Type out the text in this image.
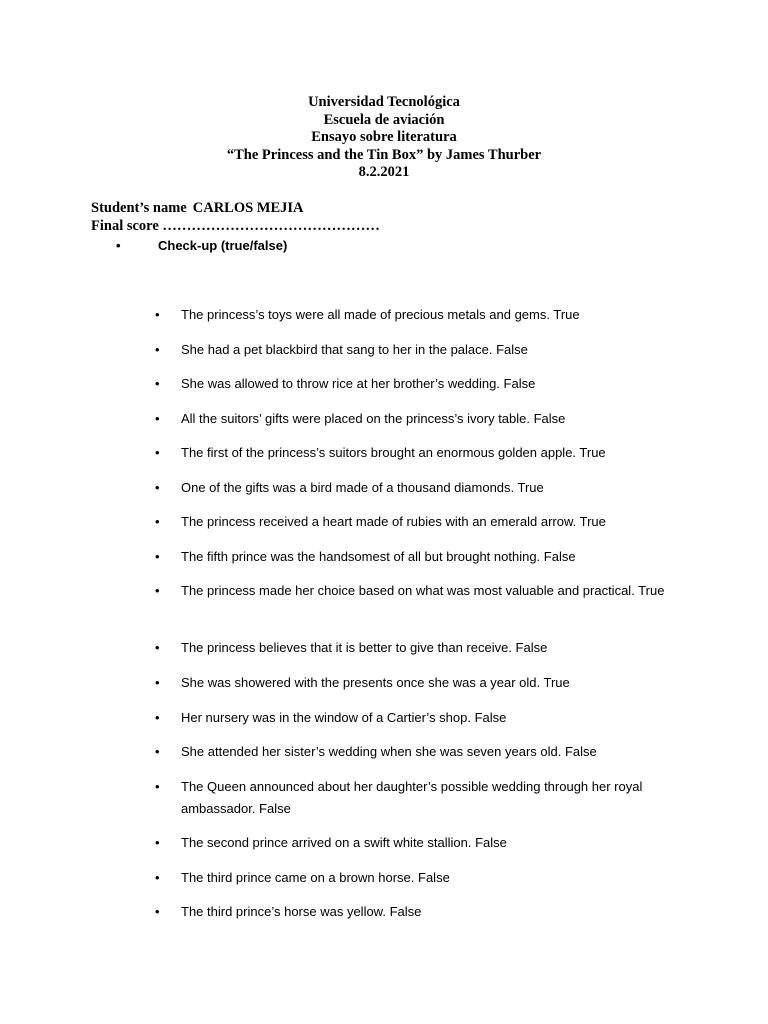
Universidad Tecnológica
Escuela de aviación
Ensayo sobre literatura
“The Princess and the Tin Box” by James Thurber
8.2.2021
Student’s name CARLOS MEJIA
Final score ………………………………………
•	Check-up (true/false)
• The princess’s toys were all made of precious metals and gems. True
• She had a pet blackbird that sang to her in the palace. False
• She was allowed to throw rice at her brother’s wedding. False
• All the suitors’ gifts were placed on the princess’s ivory table. False
• The first of the princess’s suitors brought an enormous golden apple. True
• One of the gifts was a bird made of a thousand diamonds. True
• The princess received a heart made of rubies with an emerald arrow. True
• The fifth prince was the handsomest of all but brought nothing. False
• The princess made her choice based on what was most valuable and practical. True
• The princess believes that it is better to give than receive. False
• She was showered with the presents once she was a year old. True
• Her nursery was in the window of a Cartier’s shop. False
• She attended her sister’s wedding when she was seven years old. False
• The Queen announced about her daughter’s possible wedding through her royal ambassador. False
• The second prince arrived on a swift white stallion. False
• The third prince came on a brown horse. False
• The third prince’s horse was yellow. False
